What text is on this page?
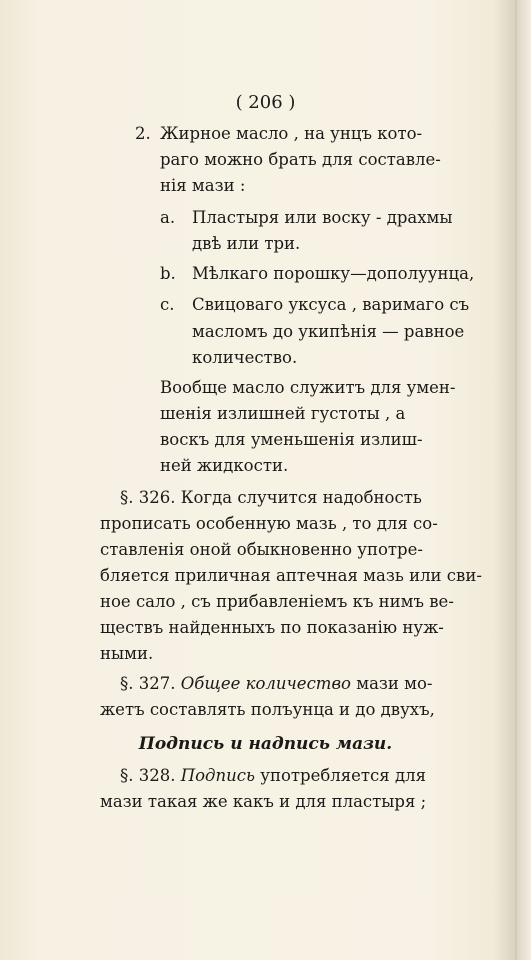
( 206 )
2. Жирное масло , на унцъ кото-
раго можно брать для составле-
нія мази :
a. Пластыря или воску - драхмы
двѣ или три.
b. Мѣлкаго порошку—дополуунца,
c. Свицоваго уксуса , варимаго съ
масломъ до укипѣнія — равное
количество.
Вообще масло служитъ для умен-
шенія излишней густоты , а
воскъ для уменьшенія излиш-
ней жидкости.
§. 326. Когда случится надобность
прописать особенную мазь , то для со-
ставленія оной обыкновенно употре-
бляется приличная аптечная мазь или сви-
ное сало , съ прибавленіемъ къ нимъ ве-
ществъ найденныхъ по показанію нуж-
ными.
§. 327. Общее количество мази мо-
жетъ составлять полъунца и до двухъ,
Подпись и надпись мази.
§. 328. Подпись употребляется для
мази такая же какъ и для пластыря ;
